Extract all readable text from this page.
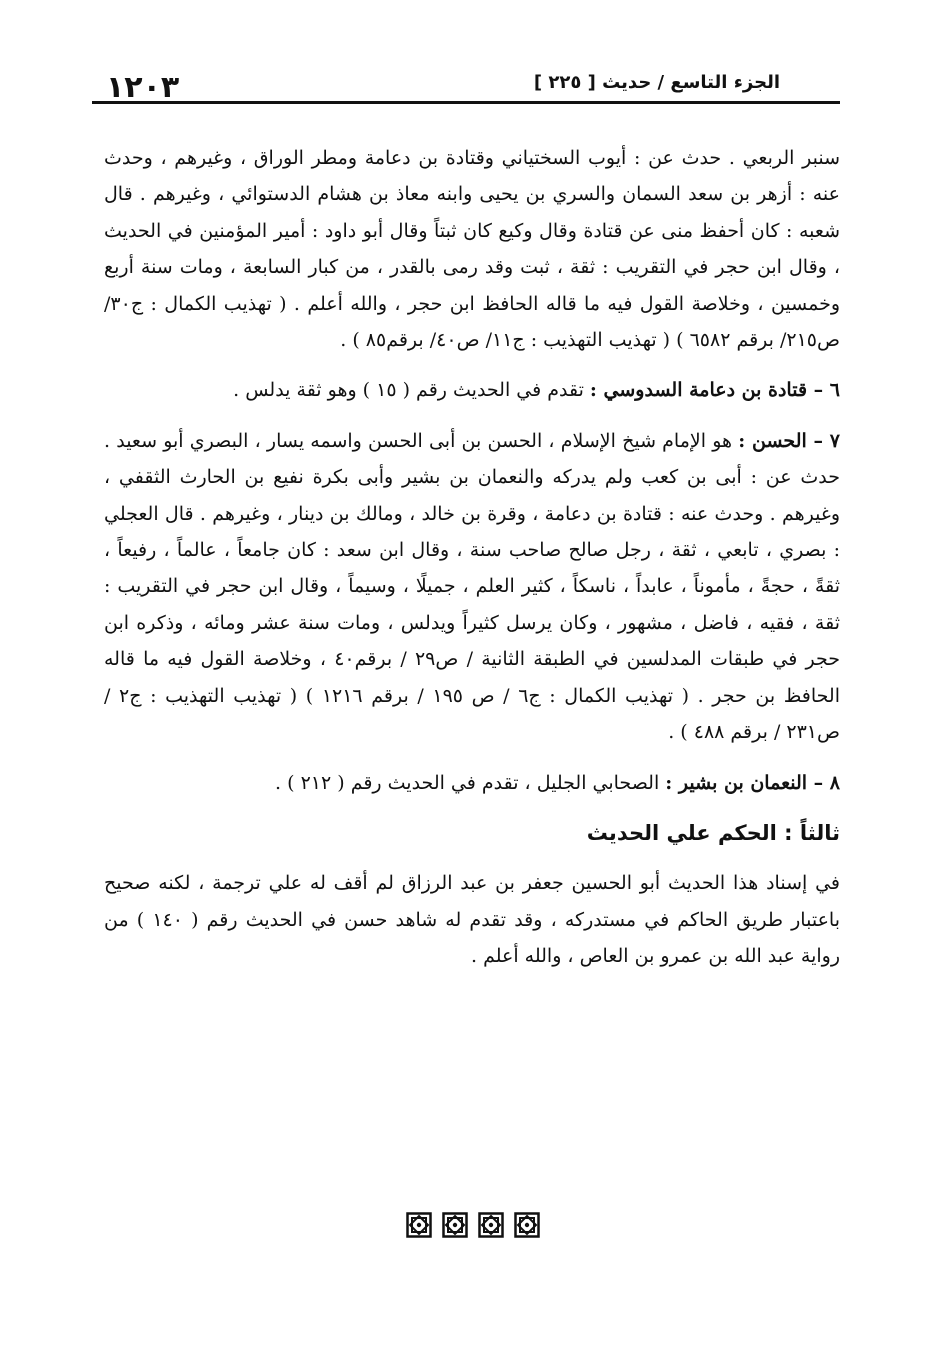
١٢٠٣	الجزء التاسع / حديث [ ٢٢٥ ]

سنبر الربعي . حدث عن : أيوب السختياني وقتادة بن دعامة ومطر الوراق ، وغيرهم ، وحدث عنه : أزهر بن سعد السمان والسري بن يحيى وابنه معاذ بن هشام الدستوائي ، وغيرهم . قال شعبه : كان أحفظ منى عن قتادة وقال وكيع كان ثبتاً وقال أبو داود : أمير المؤمنين في الحديث ، وقال ابن حجر في التقريب : ثقة ، ثبت وقد رمى بالقدر ، من كبار السابعة ، ومات سنة أربع وخمسين ، وخلاصة القول فيه ما قاله الحافظ ابن حجر ، والله أعلم . ( تهذيب الكمال : ج٣٠/ ص٢١٥/ برقم ٦٥٨٢ ) ( تهذيب التهذيب : ج١١/ ص٤٠/ برقم٨٥ ) .

٦ – قتادة بن دعامة السدوسي : تقدم في الحديث رقم ( ١٥ ) وهو ثقة يدلس .

٧ – الحسن : هو الإمام شيخ الإسلام ، الحسن بن أبى الحسن واسمه يسار ، البصري أبو سعيد . حدث عن : أبى بن كعب ولم يدركه والنعمان بن بشير وأبى بكرة نفيع بن الحارث الثقفي ، وغيرهم . وحدث عنه : قتادة بن دعامة ، وقرة بن خالد ، ومالك بن دينار ، وغيرهم . قال العجلي : بصري ، تابعي ، ثقة ، رجل صالح صاحب سنة ، وقال ابن سعد : كان جامعاً ، عالماً ، رفيعاً ، ثقةً ، حجةً ، مأموناً ، عابداً ، ناسكاً ، كثير العلم ، جميلًا ، وسيماً ، وقال ابن حجر في التقريب : ثقة ، فقيه ، فاضل ، مشهور ، وكان يرسل كثيراً ويدلس ، ومات سنة عشر ومائه ، وذكره ابن حجر في طبقات المدلسين في الطبقة الثانية / ص٢٩ / برقم٤٠ ، وخلاصة القول فيه ما قاله الحافظ بن حجر . ( تهذيب الكمال : ج٦ / ص ١٩٥ / برقم ١٢١٦ ) ( تهذيب التهذيب : ج٢ / ص٢٣١ / برقم ٤٨٨ ) .

٨ – النعمان بن بشير : الصحابي الجليل ، تقدم في الحديث رقم ( ٢١٢ ) .

ثالثاً : الحكم علي الحديث

في إسناد هذا الحديث أبو الحسين جعفر بن عبد الرزاق لم أقف له علي ترجمة ، لكنه صحيح باعتبار طريق الحاكم في مستدركه ، وقد تقدم له شاهد حسن في الحديث رقم ( ١٤٠ ) من رواية عبد الله بن عمرو بن العاص ، والله أعلم .
